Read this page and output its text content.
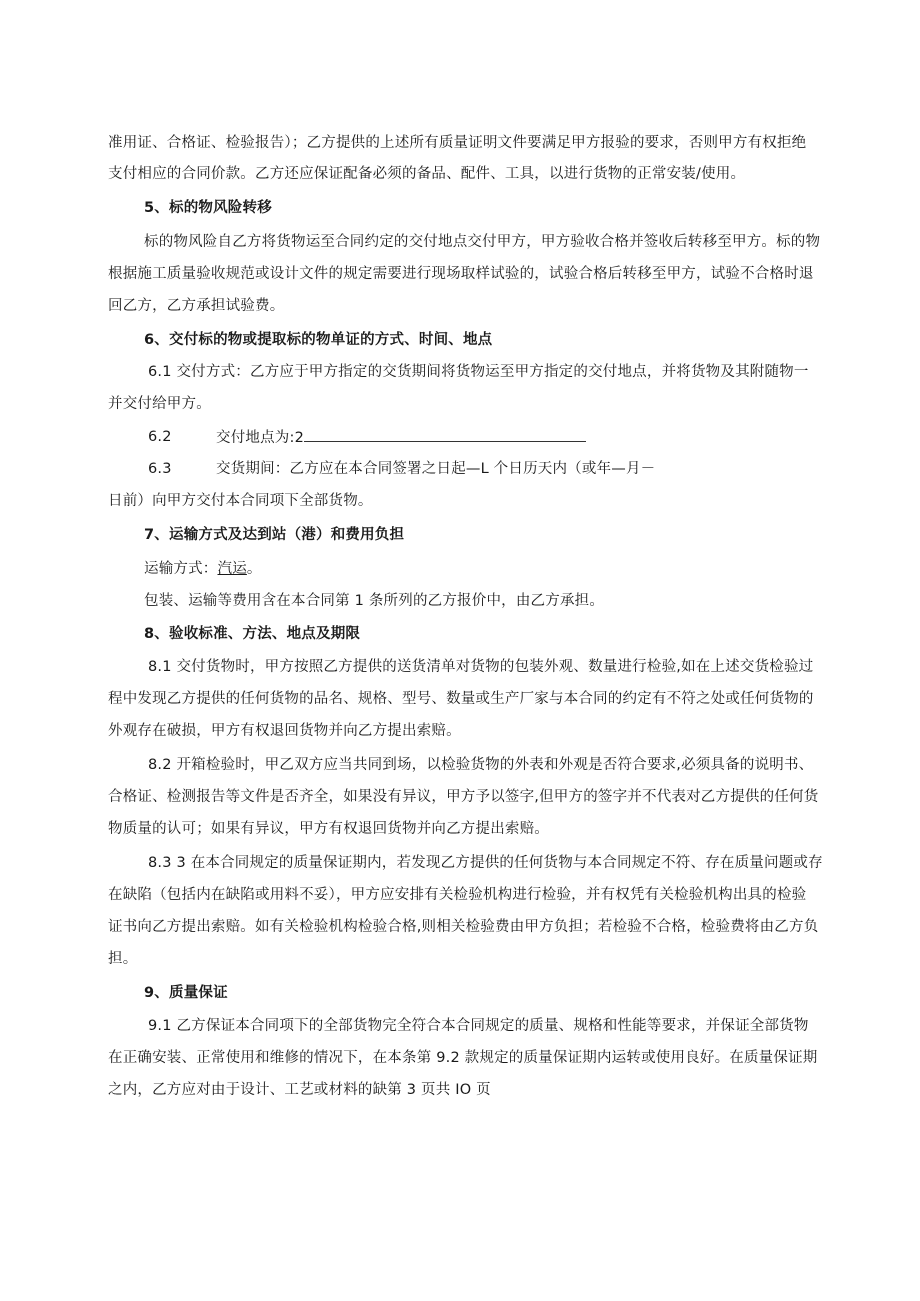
准用证、合格证、检验报告）；乙方提供的上述所有质量证明文件要满足甲方报验的要求，否则甲方有权拒绝
支付相应的合同价款。乙方还应保证配备必须的备品、配件、工具，以进行货物的正常安装/使用。
5、标的物风险转移
标的物风险自乙方将货物运至合同约定的交付地点交付甲方，甲方验收合格并签收后转移至甲方。标的物
根据施工质量验收规范或设计文件的规定需要进行现场取样试验的，试验合格后转移至甲方，试验不合格时退
回乙方，乙方承担试验费。
6、交付标的物或提取标的物单证的方式、时间、地点
6.1 交付方式：乙方应于甲方指定的交货期间将货物运至甲方指定的交付地点，并将货物及其附随物一
并交付给甲方。
6.2	交付地点为:2
6.3	交货期间：乙方应在本合同签署之日起—L 个日历天内（或年—月－
日前）向甲方交付本合同项下全部货物。
7、运输方式及达到站（港）和费用负担
运输方式：汽运。
包装、运输等费用含在本合同第 1 条所列的乙方报价中，由乙方承担。
8、验收标准、方法、地点及期限
8.1 交付货物时，甲方按照乙方提供的送货清单对货物的包装外观、数量进行检验,如在上述交货检验过
程中发现乙方提供的任何货物的品名、规格、型号、数量或生产厂家与本合同的约定有不符之处或任何货物的
外观存在破损，甲方有权退回货物并向乙方提出索赔。
8.2 开箱检验时，甲乙双方应当共同到场，以检验货物的外表和外观是否符合要求,必须具备的说明书、
合格证、检测报告等文件是否齐全，如果没有异议，甲方予以签字,但甲方的签字并不代表对乙方提供的任何货
物质量的认可；如果有异议，甲方有权退回货物并向乙方提出索赔。
8.3 3 在本合同规定的质量保证期内，若发现乙方提供的任何货物与本合同规定不符、存在质量问题或存
在缺陷（包括内在缺陷或用料不妥），甲方应安排有关检验机构进行检验，并有权凭有关检验机构出具的检验
证书向乙方提出索赔。如有关检验机构检验合格,则相关检验费由甲方负担；若检验不合格，检验费将由乙方负
担。
9、质量保证
9.1 乙方保证本合同项下的全部货物完全符合本合同规定的质量、规格和性能等要求，并保证全部货物
在正确安装、正常使用和维修的情况下，在本条第 9.2 款规定的质量保证期内运转或使用良好。在质量保证期
之内，乙方应对由于设计、工艺或材料的缺第 3 页共 IO 页
